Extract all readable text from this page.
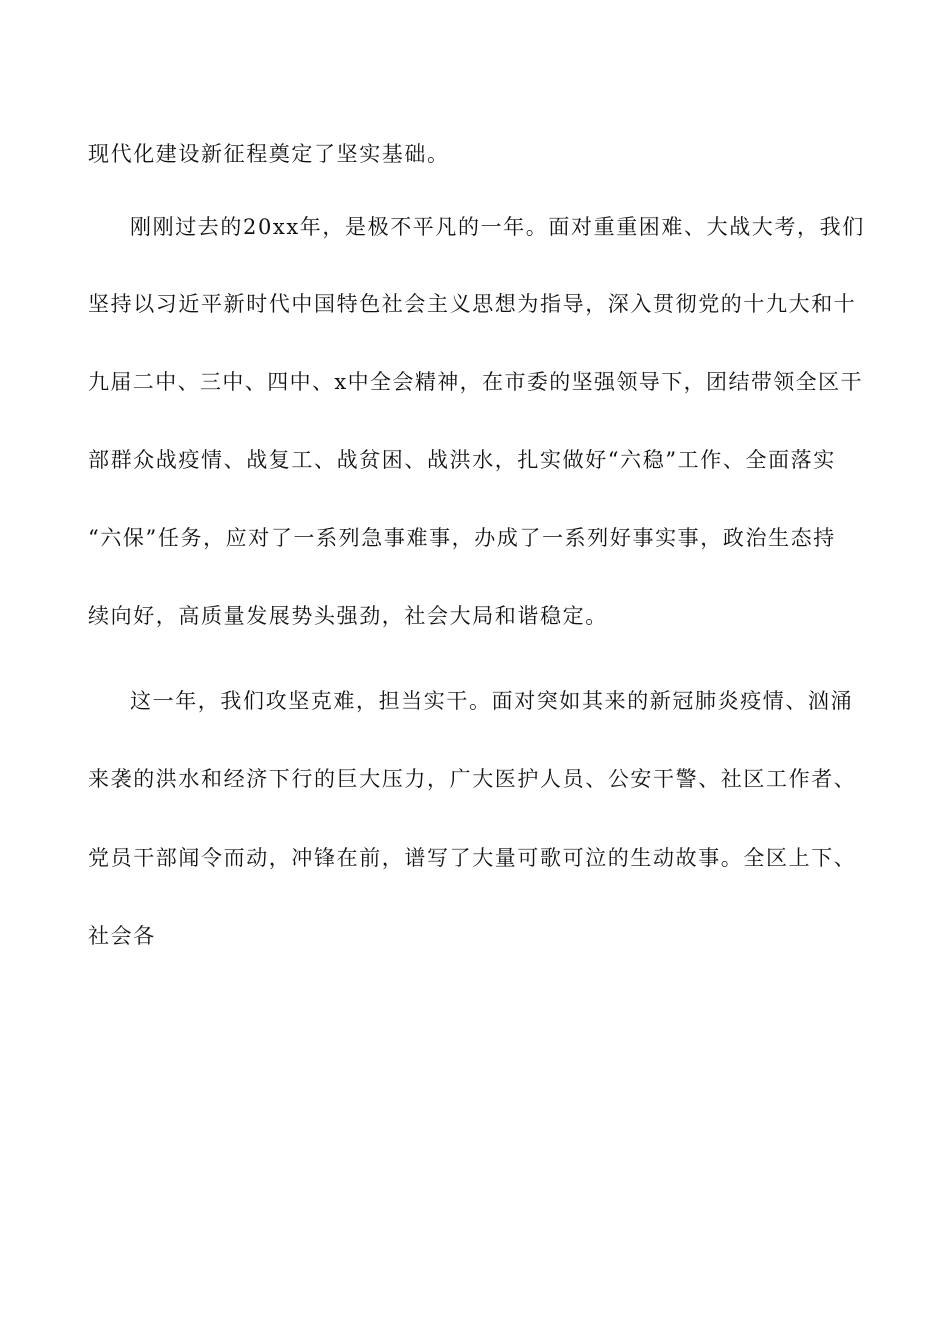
现代化建设新征程奠定了坚实基础。
刚刚过去的20xx年，是极不平凡的一年。面对重重困难、大战大考，我们
坚持以习近平新时代中国特色社会主义思想为指导，深入贯彻党的十九大和十
九届二中、三中、四中、x中全会精神，在市委的坚强领导下，团结带领全区干
部群众战疫情、战复工、战贫困、战洪水，扎实做好“六稳”工作、全面落实
“六保”任务，应对了一系列急事难事，办成了一系列好事实事，政治生态持
续向好，高质量发展势头强劲，社会大局和谐稳定。
这一年，我们攻坚克难，担当实干。面对突如其来的新冠肺炎疫情、汹涌
来袭的洪水和经济下行的巨大压力，广大医护人员、公安干警、社区工作者、
党员干部闻令而动，冲锋在前，谱写了大量可歌可泣的生动故事。全区上下、
社会各
